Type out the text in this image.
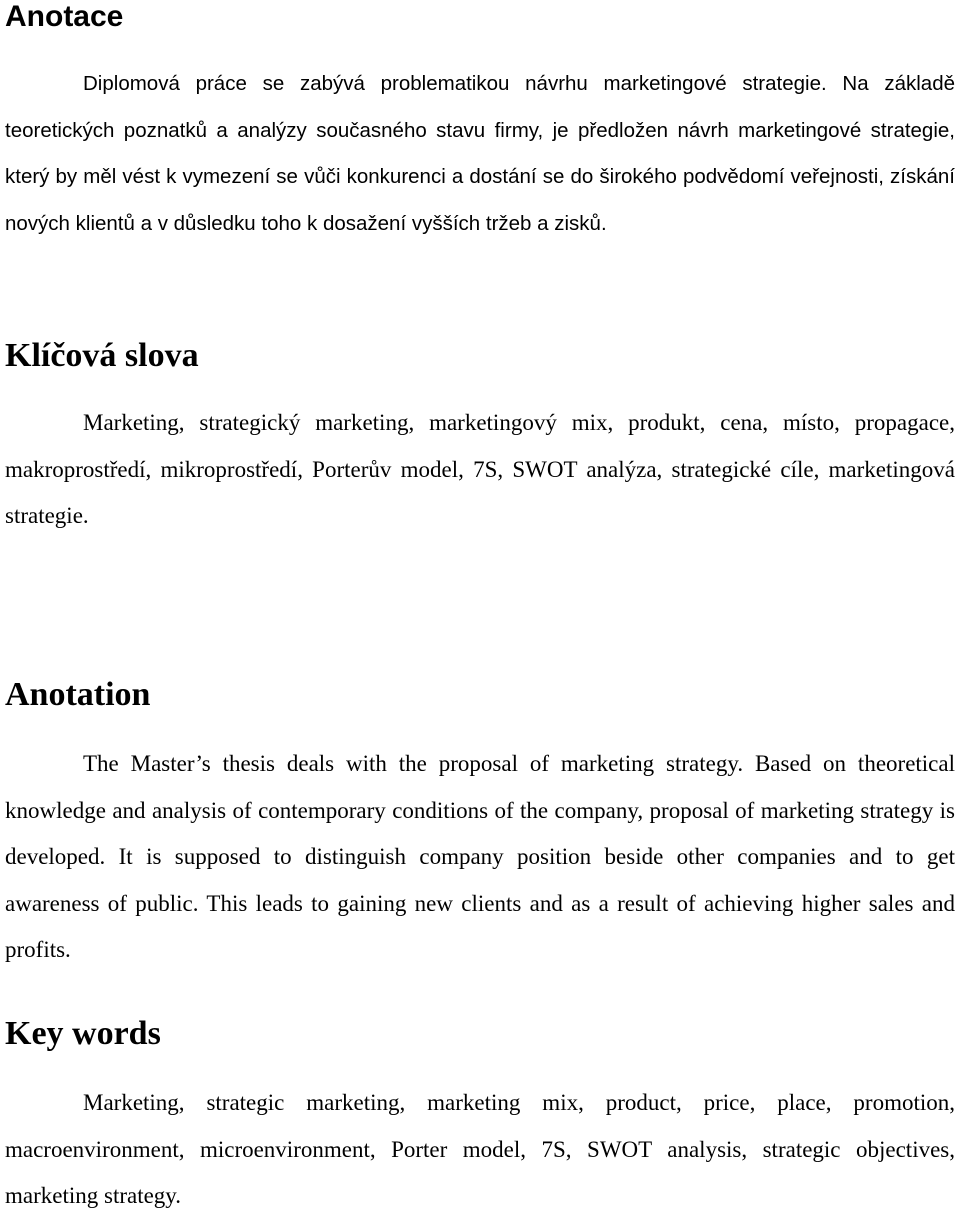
Anotace

Diplomová práce se zabývá problematikou návrhu marketingové strategie. Na základě teoretických poznatků a analýzy současného stavu firmy, je předložen návrh marketingové strategie, který by měl vést k vymezení se vůči konkurenci a dostání se do širokého podvědomí veřejnosti, získání nových klientů a v důsledku toho k dosažení vyšších tržeb a zisků.

Klíčová slova

Marketing, strategický marketing, marketingový mix, produkt, cena, místo, propagace, makroprostředí, mikroprostředí, Porterův model, 7S, SWOT analýza, strategické cíle, marketingová strategie.

Anotation

The Master’s thesis deals with the proposal of marketing strategy. Based on theoretical knowledge and analysis of contemporary conditions of the company, proposal of marketing strategy is developed. It is supposed to distinguish company position beside other companies and to get awareness of public. This leads to gaining new clients and as a result of achieving higher sales and profits.

Key words

Marketing, strategic marketing, marketing mix, product, price, place, promotion, macroenvironment, microenvironment, Porter model, 7S, SWOT analysis, strategic objectives, marketing strategy.
